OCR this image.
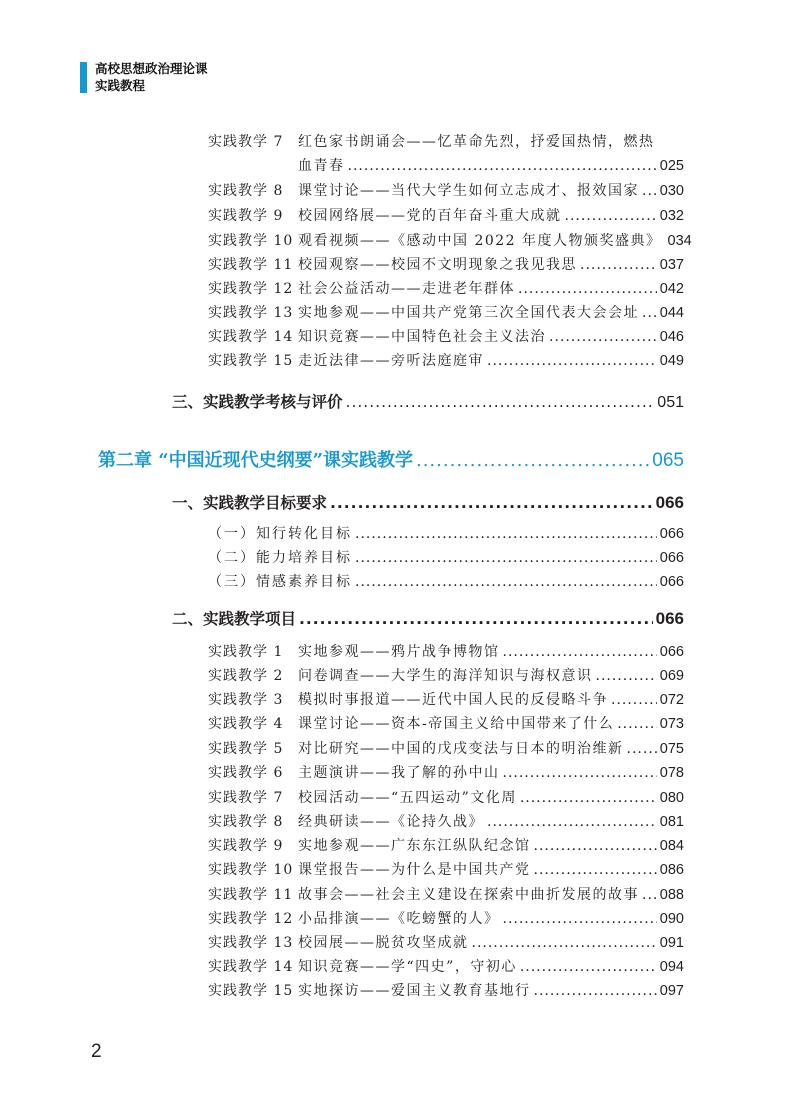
高校思想政治理论课
实践教程
实践教学 7	红色家书朗诵会——忆革命先烈，抒爱国热情，燃热
血青春 .....	025
实践教学 8	课堂讨论——当代大学生如何立志成才、报效国家 ..... 030
实践教学 9	校园网络展——党的百年奋斗重大成就 .....	032
实践教学 10 观看视频——《感动中国 2022 年度人物颁奖盛典》 034
实践教学 11 校园观察——校园不文明现象之我见我思 .....	037
实践教学 12 社会公益活动——走进老年群体 .....	042
实践教学 13 实地参观——中国共产党第三次全国代表大会会址 ..... 044
实践教学 14 知识竞赛——中国特色社会主义法治 .....	046
实践教学 15 走近法律——旁听法庭庭审 .....	049
三、实践教学考核与评价 .....	051
第二章 “中国近现代史纲要”课实践教学 .....	065
一、实践教学目标要求 .....	066
（一）知行转化目标 .....	066
（二）能力培养目标 .....	066
（三）情感素养目标 .....	066
二、实践教学项目 .....	066
实践教学 1	实地参观——鸦片战争博物馆 .....	066
实践教学 2	问卷调查——大学生的海洋知识与海权意识 .....	069
实践教学 3	模拟时事报道——近代中国人民的反侵略斗争 .....	072
实践教学 4	课堂讨论——资本-帝国主义给中国带来了什么 .....	073
实践教学 5	对比研究——中国的戊戌变法与日本的明治维新 .....	075
实践教学 6	主题演讲——我了解的孙中山 .....	078
实践教学 7	校园活动——“五四运动”文化周 .....	080
实践教学 8	经典研读——《论持久战》 .....	081
实践教学 9	实地参观——广东东江纵队纪念馆 .....	084
实践教学 10 课堂报告——为什么是中国共产党 .....	086
实践教学 11 故事会——社会主义建设在探索中曲折发展的故事 ..... 088
实践教学 12 小品排演——《吃螃蟹的人》 .....	090
实践教学 13 校园展——脱贫攻坚成就 .....	091
实践教学 14 知识竞赛——学“四史”，守初心 .....	094
实践教学 15 实地探访——爱国主义教育基地行 .....	097
2
